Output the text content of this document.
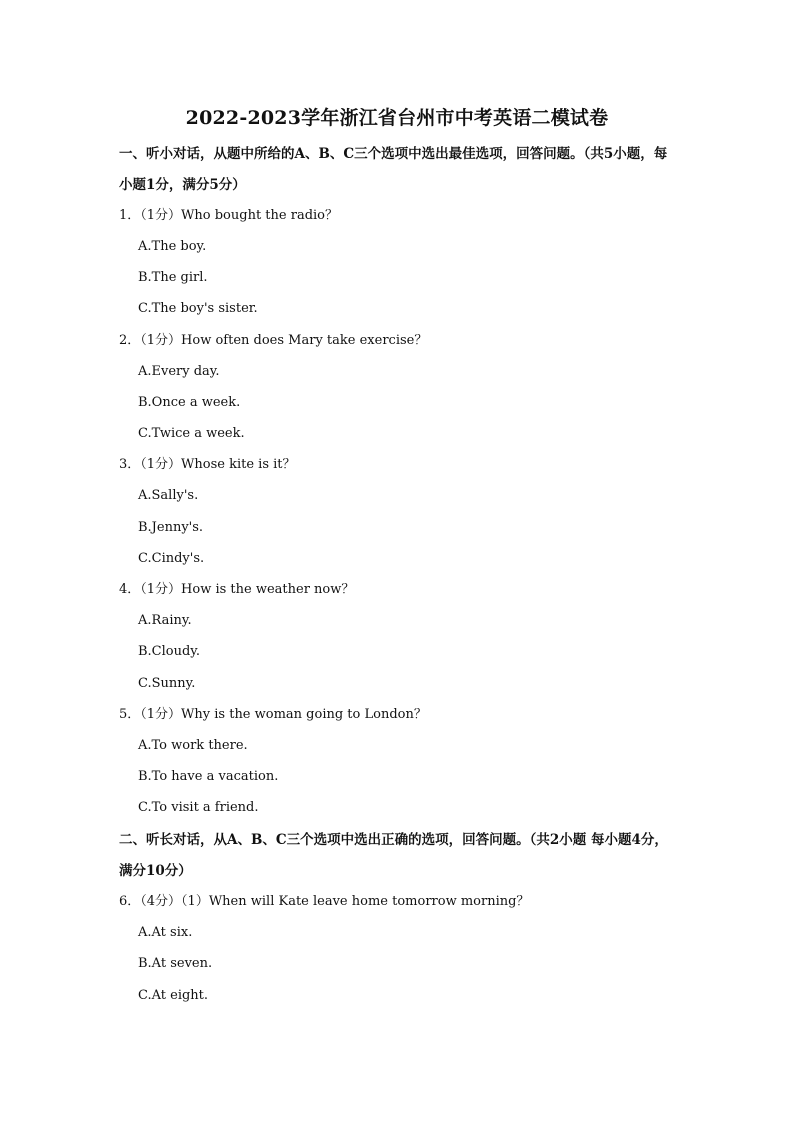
2022-2023学年浙江省台州市中考英语二模试卷
一、听小对话，从题中所给的A、B、C三个选项中选出最佳选项，回答问题。（共5小题，每小题1分，满分5分）
1．（1分）Who bought the radio？
A.The boy.
B.The girl.
C.The boy's sister.
2．（1分）How often does Mary take exercise？
A.Every day.
B.Once a week.
C.Twice a week.
3．（1分）Whose kite is it？
A.Sally's.
B.Jenny's.
C.Cindy's.
4．（1分）How is the weather now？
A.Rainy.
B.Cloudy.
C.Sunny.
5．（1分）Why is the woman going to London？
A.To work there.
B.To have a vacation.
C.To visit a friend.
二、听长对话，从A、B、C三个选项中选出正确的选项，回答问题。（共2小题 每小题4分，满分10分）
6．（4分）（1）When will Kate leave home tomorrow morning？
A.At six.
B.At seven.
C.At eight.
